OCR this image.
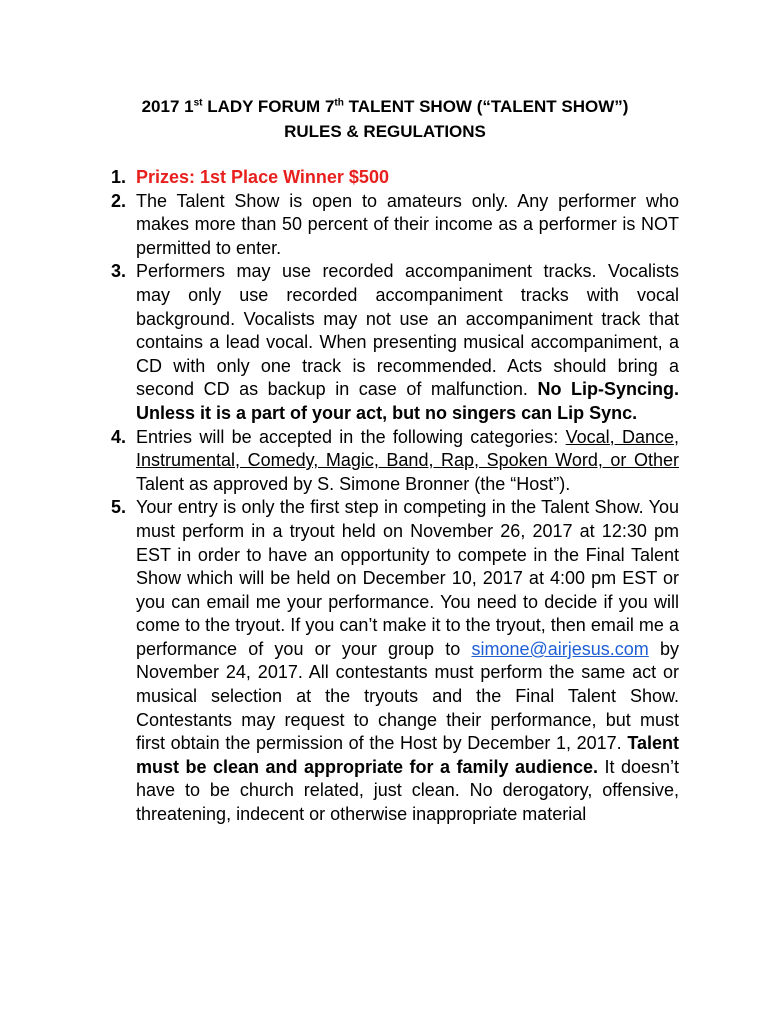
2017 1st LADY FORUM 7th TALENT SHOW (“TALENT SHOW”)
RULES & REGULATIONS
1. Prizes: 1st Place Winner $500
2. The Talent Show is open to amateurs only. Any performer who makes more than 50 percent of their income as a performer is NOT permitted to enter.
3. Performers may use recorded accompaniment tracks. Vocalists may only use recorded accompaniment tracks with vocal background. Vocalists may not use an accompaniment track that contains a lead vocal. When presenting musical accompaniment, a CD with only one track is recommended. Acts should bring a second CD as backup in case of malfunction. No Lip-Syncing. Unless it is a part of your act, but no singers can Lip Sync.
4. Entries will be accepted in the following categories: Vocal, Dance, Instrumental, Comedy, Magic, Band, Rap, Spoken Word, or Other Talent as approved by S. Simone Bronner (the “Host”).
5. Your entry is only the first step in competing in the Talent Show. You must perform in a tryout held on November 26, 2017 at 12:30 pm EST in order to have an opportunity to compete in the Final Talent Show which will be held on December 10, 2017 at 4:00 pm EST or you can email me your performance. You need to decide if you will come to the tryout. If you can’t make it to the tryout, then email me a performance of you or your group to simone@airjesus.com by November 24, 2017. All contestants must perform the same act or musical selection at the tryouts and the Final Talent Show. Contestants may request to change their performance, but must first obtain the permission of the Host by December 1, 2017. Talent must be clean and appropriate for a family audience. It doesn’t have to be church related, just clean. No derogatory, offensive, threatening, indecent or otherwise inappropriate material
